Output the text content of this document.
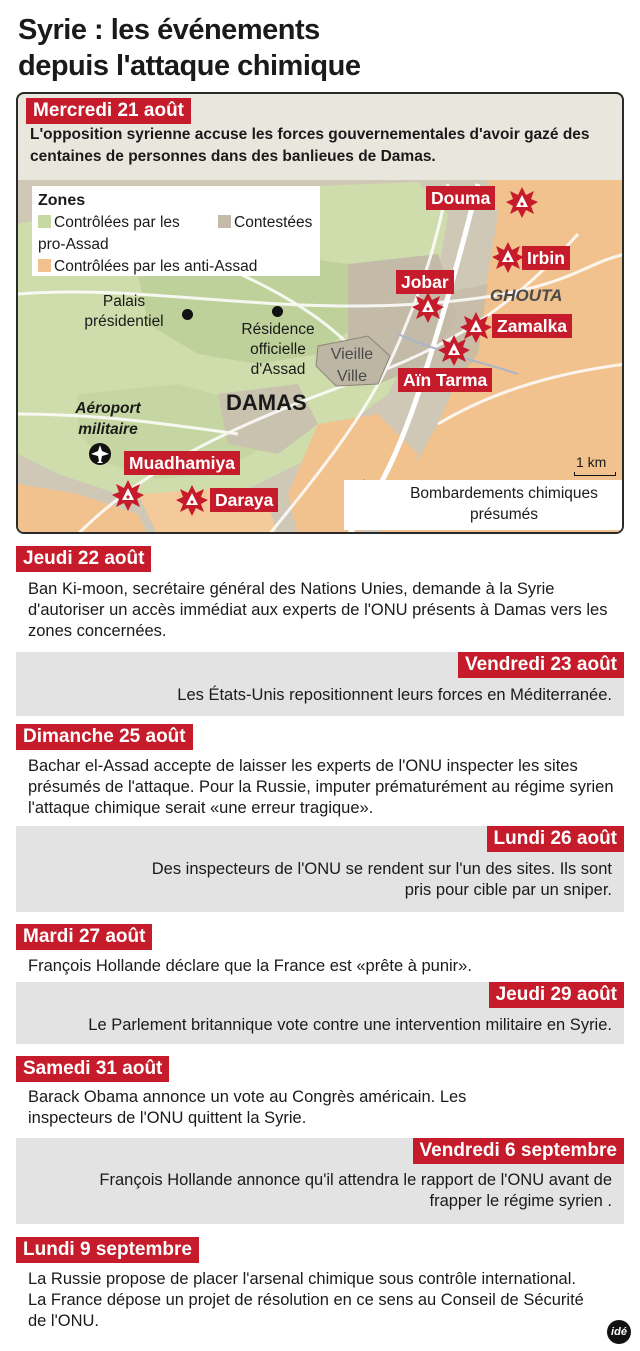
Syrie : les événements
depuis l'attaque chimique
Mercredi 21 août
L'opposition syrienne accuse les forces gouvernementales d'avoir gazé des centaines de personnes dans des banlieues de Damas.
Zones
Contrôlées par les pro-Assad
Contestées
Contrôlées par les anti-Assad
Douma
Irbin
Jobar
Zamalka
Aïn Tarma
Muadhamiya
Daraya
GHOUTA
Palais présidentiel	Résidence officielle d'Assad
Vieille Ville
DAMAS
Aéroport militaire
1 km
Bombardements chimiques présumés
Jeudi 22 août
Ban Ki-moon, secrétaire général des Nations Unies, demande à la Syrie d'autoriser un accès immédiat aux experts de l'ONU présents à Damas vers les zones concernées.
Vendredi 23 août
Les États-Unis repositionnent leurs forces en Méditerranée.
Dimanche 25 août
Bachar el-Assad accepte de laisser les experts de l'ONU inspecter les sites présumés de l'attaque. Pour la Russie, imputer prématurément au régime syrien l'attaque chimique serait «une erreur tragique».
Lundi 26 août
Des inspecteurs de l'ONU se rendent sur l'un des sites. Ils sont pris pour cible par un sniper.
Mardi 27 août
François Hollande déclare que la France est «prête à punir».
Jeudi 29 août
Le Parlement britannique vote contre une intervention militaire en Syrie.
Samedi 31 août
Barack Obama annonce un vote au Congrès américain. Les inspecteurs de l'ONU quittent la Syrie.
Vendredi 6 septembre
François Hollande annonce qu'il attendra le rapport de l'ONU avant de frapper le régime syrien .
Lundi 9 septembre
La Russie propose de placer l'arsenal chimique sous contrôle international. La France dépose un projet de résolution en ce sens au Conseil de Sécurité de l'ONU.
idé
